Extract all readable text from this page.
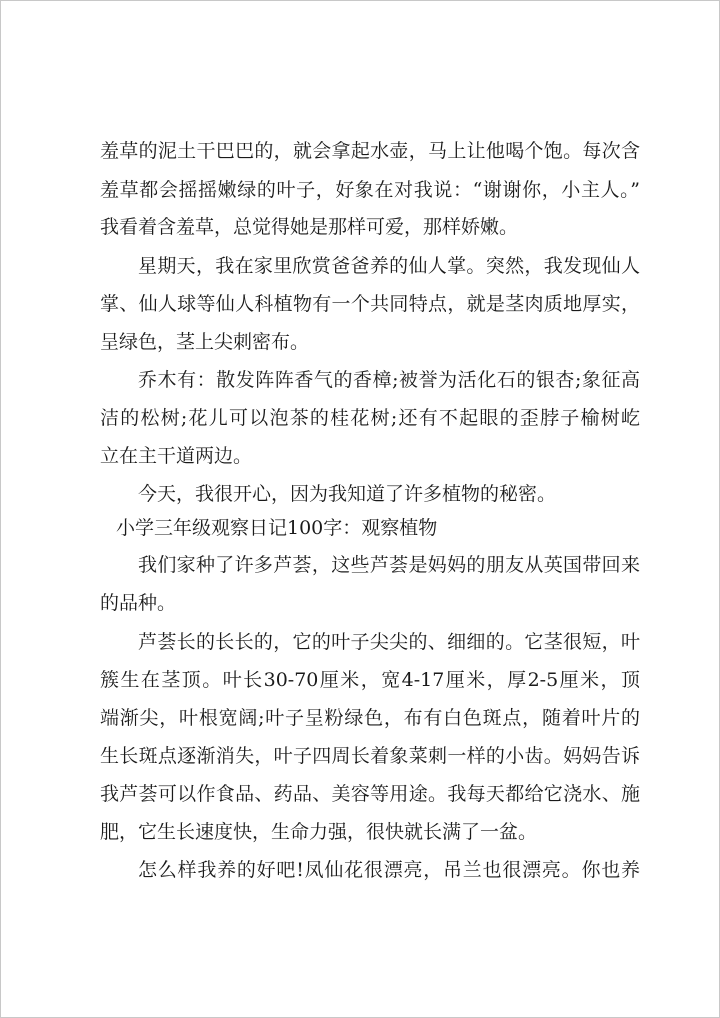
羞草的泥土干巴巴的，就会拿起水壶，马上让他喝个饱。每次含
羞草都会摇摇嫩绿的叶子，好象在对我说：“谢谢你，小主人。”
我看着含羞草，总觉得她是那样可爱，那样娇嫩。
星期天，我在家里欣赏爸爸养的仙人掌。突然，我发现仙人
掌、仙人球等仙人科植物有一个共同特点，就是茎肉质地厚实，
呈绿色，茎上尖刺密布。
乔木有：散发阵阵香气的香樟;被誉为活化石的银杏;象征高
洁的松树;花儿可以泡茶的桂花树;还有不起眼的歪脖子榆树屹
立在主干道两边。
今天，我很开心，因为我知道了许多植物的秘密。
小学三年级观察日记100字：观察植物
我们家种了许多芦荟，这些芦荟是妈妈的朋友从英国带回来
的品种。
芦荟长的长长的，它的叶子尖尖的、细细的。它茎很短，叶
簇生在茎顶。叶长30-70厘米，宽4-17厘米，厚2-5厘米，顶
端渐尖，叶根宽阔;叶子呈粉绿色，布有白色斑点，随着叶片的
生长斑点逐渐消失，叶子四周长着象菜刺一样的小齿。妈妈告诉
我芦荟可以作食品、药品、美容等用途。我每天都给它浇水、施
肥，它生长速度快，生命力强，很快就长满了一盆。
怎么样我养的好吧!凤仙花很漂亮，吊兰也很漂亮。你也养
